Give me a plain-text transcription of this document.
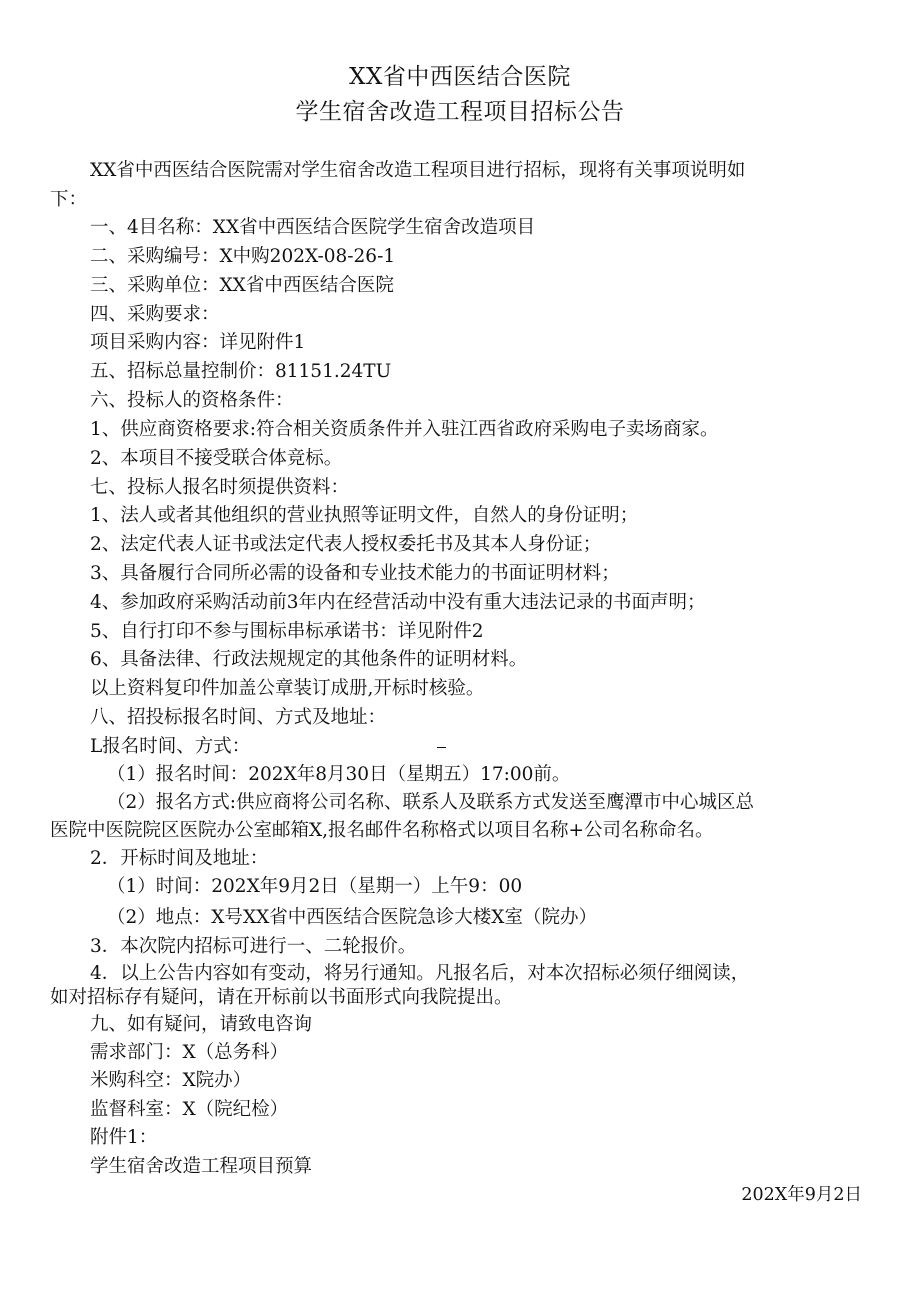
XX省中西医结合医院
学生宿舍改造工程项目招标公告
XX省中西医结合医院需对学生宿舍改造工程项目进行招标，现将有关事项说明如
下：
一、4目名称：XX省中西医结合医院学生宿舍改造项目
二、采购编号：X中购202X-08-26-1
三、采购单位：XX省中西医结合医院
四、采购要求：
项目采购内容：详见附件1
五、招标总量控制价：81151.24TU
六、投标人的资格条件：
1、供应商资格要求:符合相关资质条件并入驻江西省政府采购电子卖场商家。
2、本项目不接受联合体竞标。
七、投标人报名时须提供资料：
1、法人或者其他组织的营业执照等证明文件，自然人的身份证明；
2、法定代表人证书或法定代表人授权委托书及其本人身份证；
3、具备履行合同所必需的设备和专业技术能力的书面证明材料；
4、参加政府采购活动前3年内在经营活动中没有重大违法记录的书面声明；
5、自行打印不参与围标串标承诺书：详见附件2
6、具备法律、行政法规规定的其他条件的证明材料。
以上资料复印件加盖公章装订成册,开标时核验。
八、招投标报名时间、方式及地址：
L报名时间、方式：
（1）报名时间：202X年8月30日（星期五）17:00前。
（2）报名方式:供应商将公司名称、联系人及联系方式发送至鹰潭市中心城区总
医院中医院院区医院办公室邮箱X,报名邮件名称格式以项目名称+公司名称命名。
2．开标时间及地址：
（1）时间：202X年9月2日（星期一）上午9：00
（2）地点：X号XX省中西医结合医院急诊大楼X室（院办）
3．本次院内招标可进行一、二轮报价。
4．以上公告内容如有变动，将另行通知。凡报名后，对本次招标必须仔细阅读，
如对招标存有疑问，请在开标前以书面形式向我院提出。
九、如有疑问，请致电咨询
需求部门：X（总务科）
米购科空：X院办）
监督科室：X（院纪检）
附件1：
学生宿舍改造工程项目预算
202X年9月2日
